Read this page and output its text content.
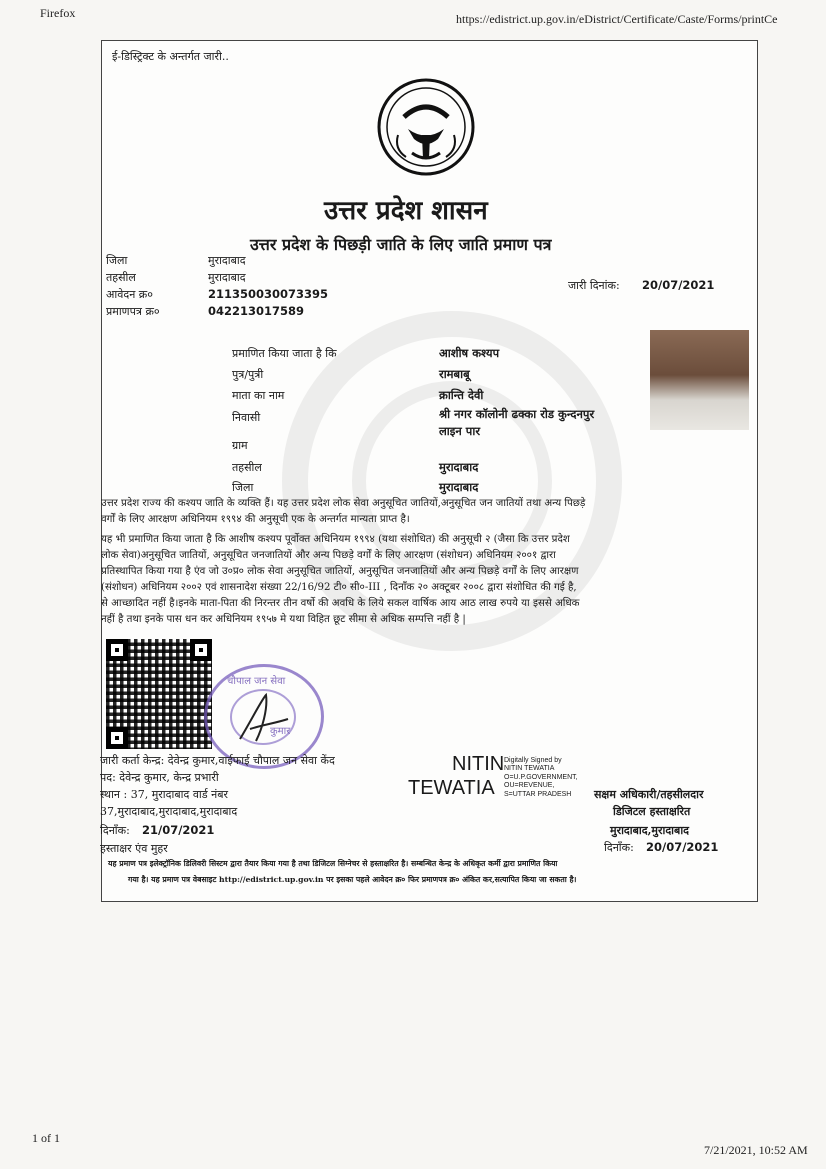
Firefox	https://edistrict.up.gov.in/eDistrict/Certificate/Caste/Forms/printCe
1 of 1
7/21/2021, 10:52 AM
ई-डिस्ट्रिक्ट के अन्तर्गत जारी..
उत्तर प्रदेश शासन
उत्तर प्रदेश के पिछड़ी जाति के लिए जाति प्रमाण पत्र
जिला	मुरादाबाद
तहसील	मुरादाबाद
आवेदन क्र०	211350030073395
प्रमाणपत्र क्र०	042213017589
जारी दिनांक: 20/07/2021
प्रमाणित किया जाता है कि	आशीष कश्यप
पुत्र/पुत्री	रामबाबू
माता का नाम	क्रान्ति देवी
निवासी	श्री नगर कॉलोनी ढक्का रोड कुन्दनपुर
लाइन पार
ग्राम
तहसील	मुरादाबाद
जिला	मुरादाबाद
उत्तर प्रदेश राज्य की कश्यप जाति के व्यक्ति हैं। यह उत्तर प्रदेश लोक सेवा अनुसूचित जातियों,अनुसूचित जन जातियों तथा अन्य पिछड़े
वर्गों के लिए आरक्षण अधिनियम १९९४ की अनुसूची एक के अन्तर्गत मान्यता प्राप्त है।
यह भी प्रमाणित किया जाता है कि आशीष कश्यप पूर्वोक्त अधिनियम १९९४ (यथा संशोधित) की अनुसूची २ (जैसा कि उत्तर प्रदेश
लोक सेवा)अनुसूचित जातियों, अनुसूचित जनजातियों और अन्य पिछड़े वर्गों के लिए आरक्षण (संशोधन) अधिनियम २००१ द्वारा
प्रतिस्थापित किया गया है एंव जो उ०प्र० लोक सेवा अनुसूचित जातियों, अनुसूचित जनजातियों और अन्य पिछड़े वर्गों के लिए आरक्षण
(संशोधन) अधिनियम २००२ एवं शासनादेश संख्या 22/16/92 टी० सी०-III , दिनाँक २० अक्टूबर २००८ द्वारा संशोधित की गई है,
से आच्छादित नहीं है।इनके माता-पिता की निरन्तर तीन वर्षो की अवधि के लिये सकल वार्षिक आय आठ लाख रुपये या इससे अधिक
नहीं है तथा इनके पास धन कर अधिनियम १९५७ मे यथा विहित छूट सीमा से अधिक सम्पत्ति नहीं है |
चौपाल जन सेवा
कुमार
जारी कर्ता केन्द्र: देवेन्द्र कुमार,वाईफाई चौपाल जन सेवा केंद
पद: देवेन्द्र कुमार, केन्द्र प्रभारी
स्थान : 37, मुरादाबाद वार्ड नंबर
37,मुरादाबाद,मुरादाबाद,मुरादाबाद
दिनाँक: 21/07/2021
हस्ताक्षर एंव मुहर
NITIN
TEWATIA
Digitally Signed by
NITIN TEWATIA
O=U.P.GOVERNMENT,
OU=REVENUE,
S=UTTAR PRADESH	सक्षम अधिकारी/तहसीलदार
डिजिटल हस्ताक्षरित
मुरादाबाद,मुरादाबाद
दिनाँक: 20/07/2021
यह प्रमाण पत्र इलेक्ट्रॉनिक डिलिवरी सिस्टम द्वारा तैयार किया गया है तथा डिजिटल सिग्नेचर से हस्ताक्षरित है। सम्बन्धित केन्द्र के अधिकृत कर्मी द्वारा प्रमाणित किया
गया है। यह प्रमाण पत्र वेबसाइट http://edistrict.up.gov.in पर इसका पहले आवेदन क्र० फिर प्रमाणपत्र क्र० अंकित कर,सत्यापित किया जा सकता है।
